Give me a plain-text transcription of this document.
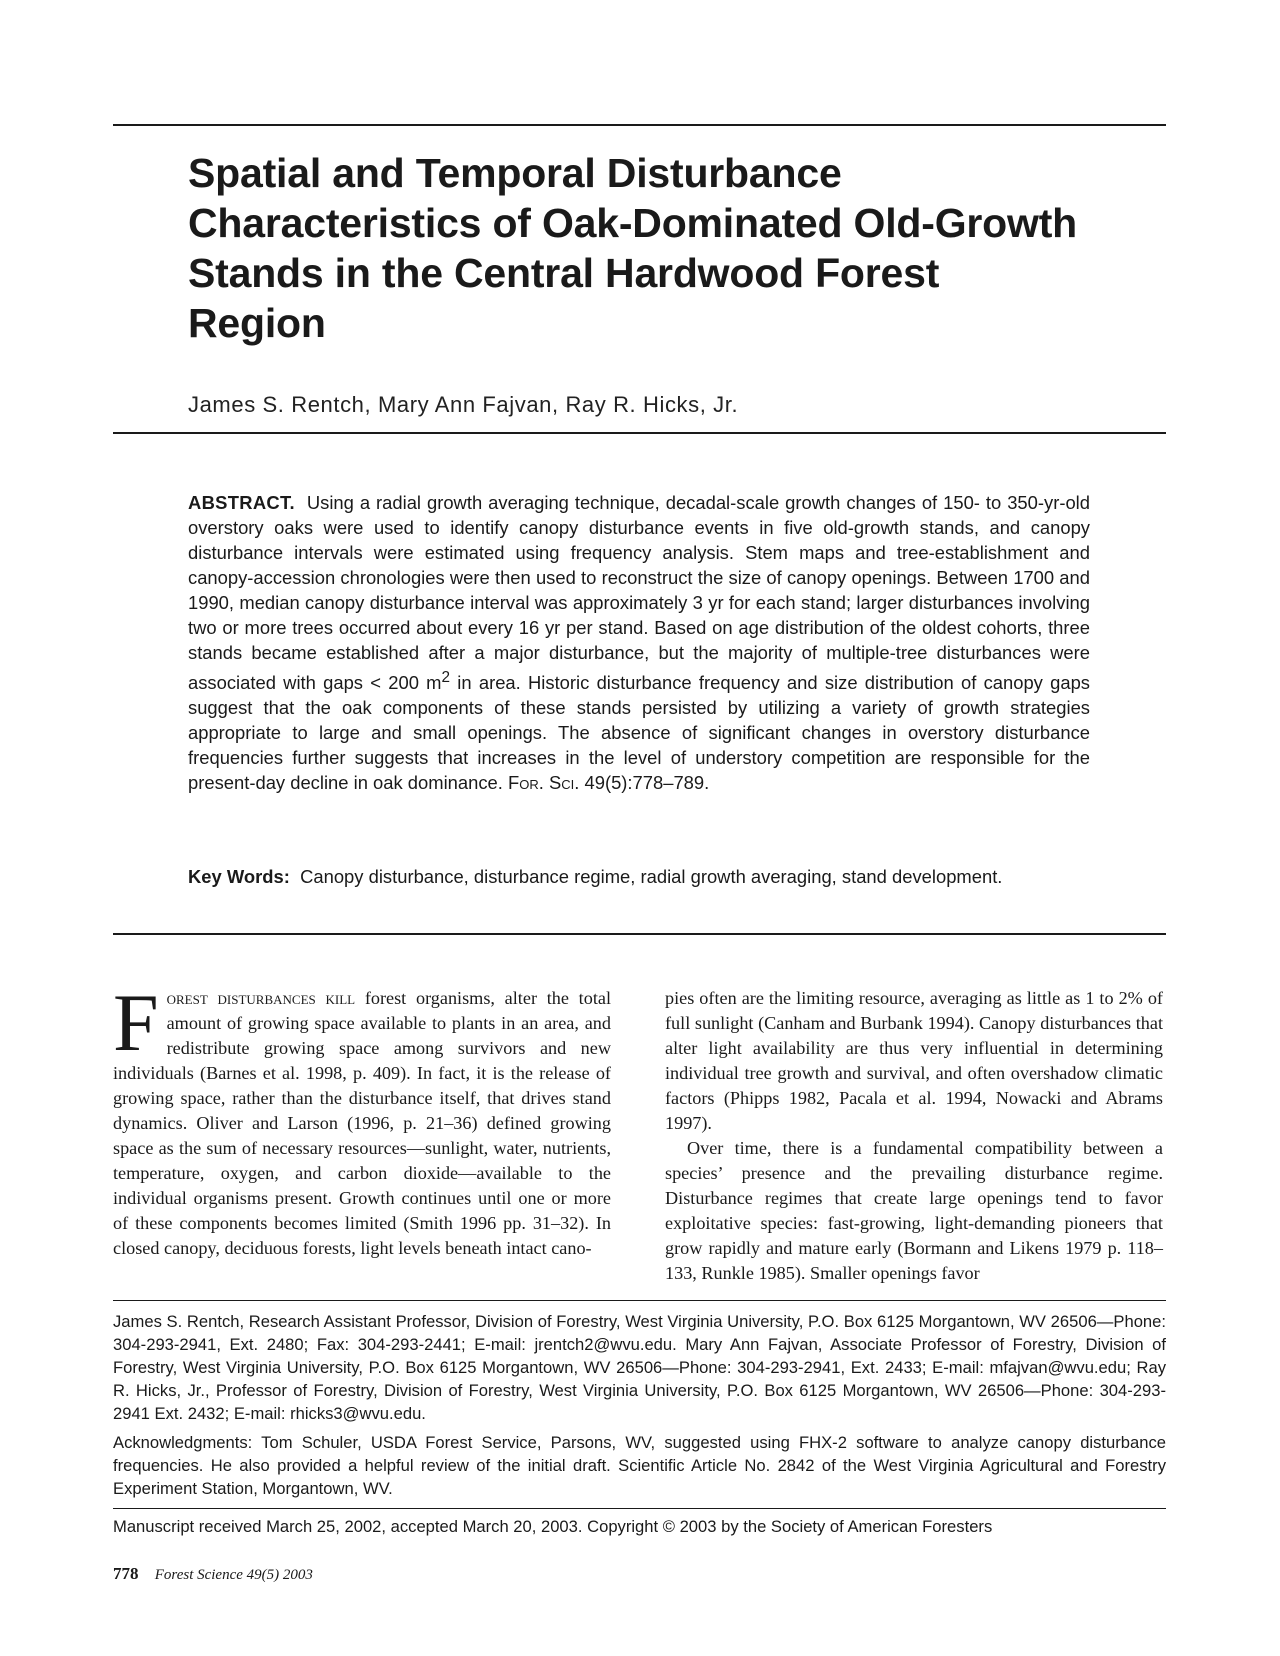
Spatial and Temporal Disturbance Characteristics of Oak-Dominated Old-Growth Stands in the Central Hardwood Forest Region
James S. Rentch, Mary Ann Fajvan, Ray R. Hicks, Jr.

ABSTRACT. Using a radial growth averaging technique, decadal-scale growth changes of 150- to 350-yr-old overstory oaks were used to identify canopy disturbance events in five old-growth stands, and canopy disturbance intervals were estimated using frequency analysis. Stem maps and tree-establishment and canopy-accession chronologies were then used to reconstruct the size of canopy openings. Between 1700 and 1990, median canopy disturbance interval was approximately 3 yr for each stand; larger disturbances involving two or more trees occurred about every 16 yr per stand. Based on age distribution of the oldest cohorts, three stands became established after a major disturbance, but the majority of multiple-tree disturbances were associated with gaps < 200 $m^2$ in area. Historic disturbance frequency and size distribution of canopy gaps suggest that the oak components of these stands persisted by utilizing a variety of growth strategies appropriate to large and small openings. The absence of significant changes in overstory disturbance frequencies further suggests that increases in the level of understory competition are responsible for the present-day decline in oak dominance. For. Sci. 49(5):778–789.

Key Words: Canopy disturbance, disturbance regime, radial growth averaging, stand development.

F orest disturbances kill forest organisms, alter the total amount of growing space available to plants in an area, and redistribute growing space among survivors and new individuals (Barnes et al. 1998, p. 409). In fact, it is the release of growing space, rather than the disturbance itself, that drives stand dynamics. Oliver and Larson (1996, p. 21–36) defined growing space as the sum of necessary resources—sunlight, water, nutrients, temperature, oxygen, and carbon dioxide—available to the individual organisms present. Growth continues until one or more of these components becomes limited (Smith 1996 pp. 31–32). In closed canopy, deciduous forests, light levels beneath intact cano-

pies often are the limiting resource, averaging as little as 1 to 2% of full sunlight (Canham and Burbank 1994). Canopy disturbances that alter light availability are thus very influential in determining individual tree growth and survival, and often overshadow climatic factors (Phipps 1982, Pacala et al. 1994, Nowacki and Abrams 1997).

Over time, there is a fundamental compatibility between a species’ presence and the prevailing disturbance regime. Disturbance regimes that create large openings tend to favor exploitative species: fast-growing, light-demanding pioneers that grow rapidly and mature early (Bormann and Likens 1979 p. 118–133, Runkle 1985). Smaller openings favor

James S. Rentch, Research Assistant Professor, Division of Forestry, West Virginia University, P.O. Box 6125 Morgantown, WV 26506—Phone: 304-293-2941, Ext. 2480; Fax: 304-293-2441; E-mail: jrentch2@wvu.edu. Mary Ann Fajvan, Associate Professor of Forestry, Division of Forestry, West Virginia University, P.O. Box 6125 Morgantown, WV 26506—Phone: 304-293-2941, Ext. 2433; E-mail: mfajvan@wvu.edu; Ray R. Hicks, Jr., Professor of Forestry, Division of Forestry, West Virginia University, P.O. Box 6125 Morgantown, WV 26506—Phone: 304-293-2941 Ext. 2432; E-mail: rhicks3@wvu.edu.

Acknowledgments: Tom Schuler, USDA Forest Service, Parsons, WV, suggested using FHX-2 software to analyze canopy disturbance frequencies. He also provided a helpful review of the initial draft. Scientific Article No. 2842 of the West Virginia Agricultural and Forestry Experiment Station, Morgantown, WV.

Manuscript received March 25, 2002, accepted March 20, 2003. Copyright © 2003 by the Society of American Foresters
778 Forest Science 49(5) 2003
